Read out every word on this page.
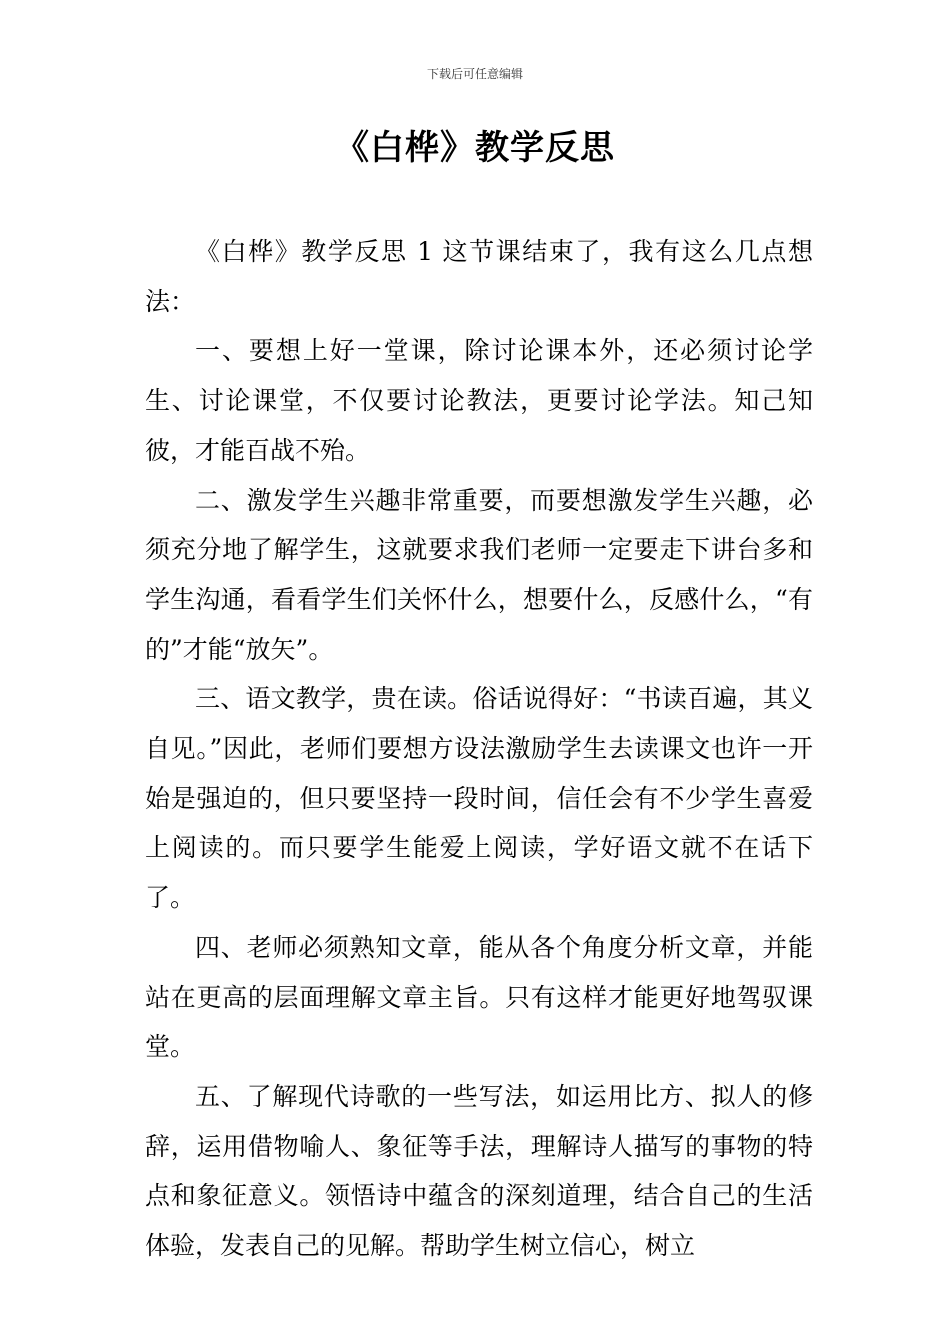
下载后可任意编辑
《白桦》教学反思

《白桦》教学反思 1 这节课结束了，我有这么几点想法：

一、要想上好一堂课，除讨论课本外，还必须讨论学生、讨论课堂，不仅要讨论教法，更要讨论学法。知己知彼，才能百战不殆。

二、激发学生兴趣非常重要，而要想激发学生兴趣，必须充分地了解学生，这就要求我们老师一定要走下讲台多和学生沟通，看看学生们关怀什么，想要什么，反感什么，“有的”才能“放矢”。

三、语文教学，贵在读。俗话说得好：“书读百遍，其义自见。”因此，老师们要想方设法激励学生去读课文也许一开始是强迫的，但只要坚持一段时间，信任会有不少学生喜爱上阅读的。而只要学生能爱上阅读，学好语文就不在话下了。

四、老师必须熟知文章，能从各个角度分析文章，并能站在更高的层面理解文章主旨。只有这样才能更好地驾驭课堂。

五、了解现代诗歌的一些写法，如运用比方、拟人的修辞，运用借物喻人、象征等手法，理解诗人描写的事物的特点和象征意义。领悟诗中蕴含的深刻道理，结合自己的生活体验，发表自己的见解。帮助学生树立信心，树立
